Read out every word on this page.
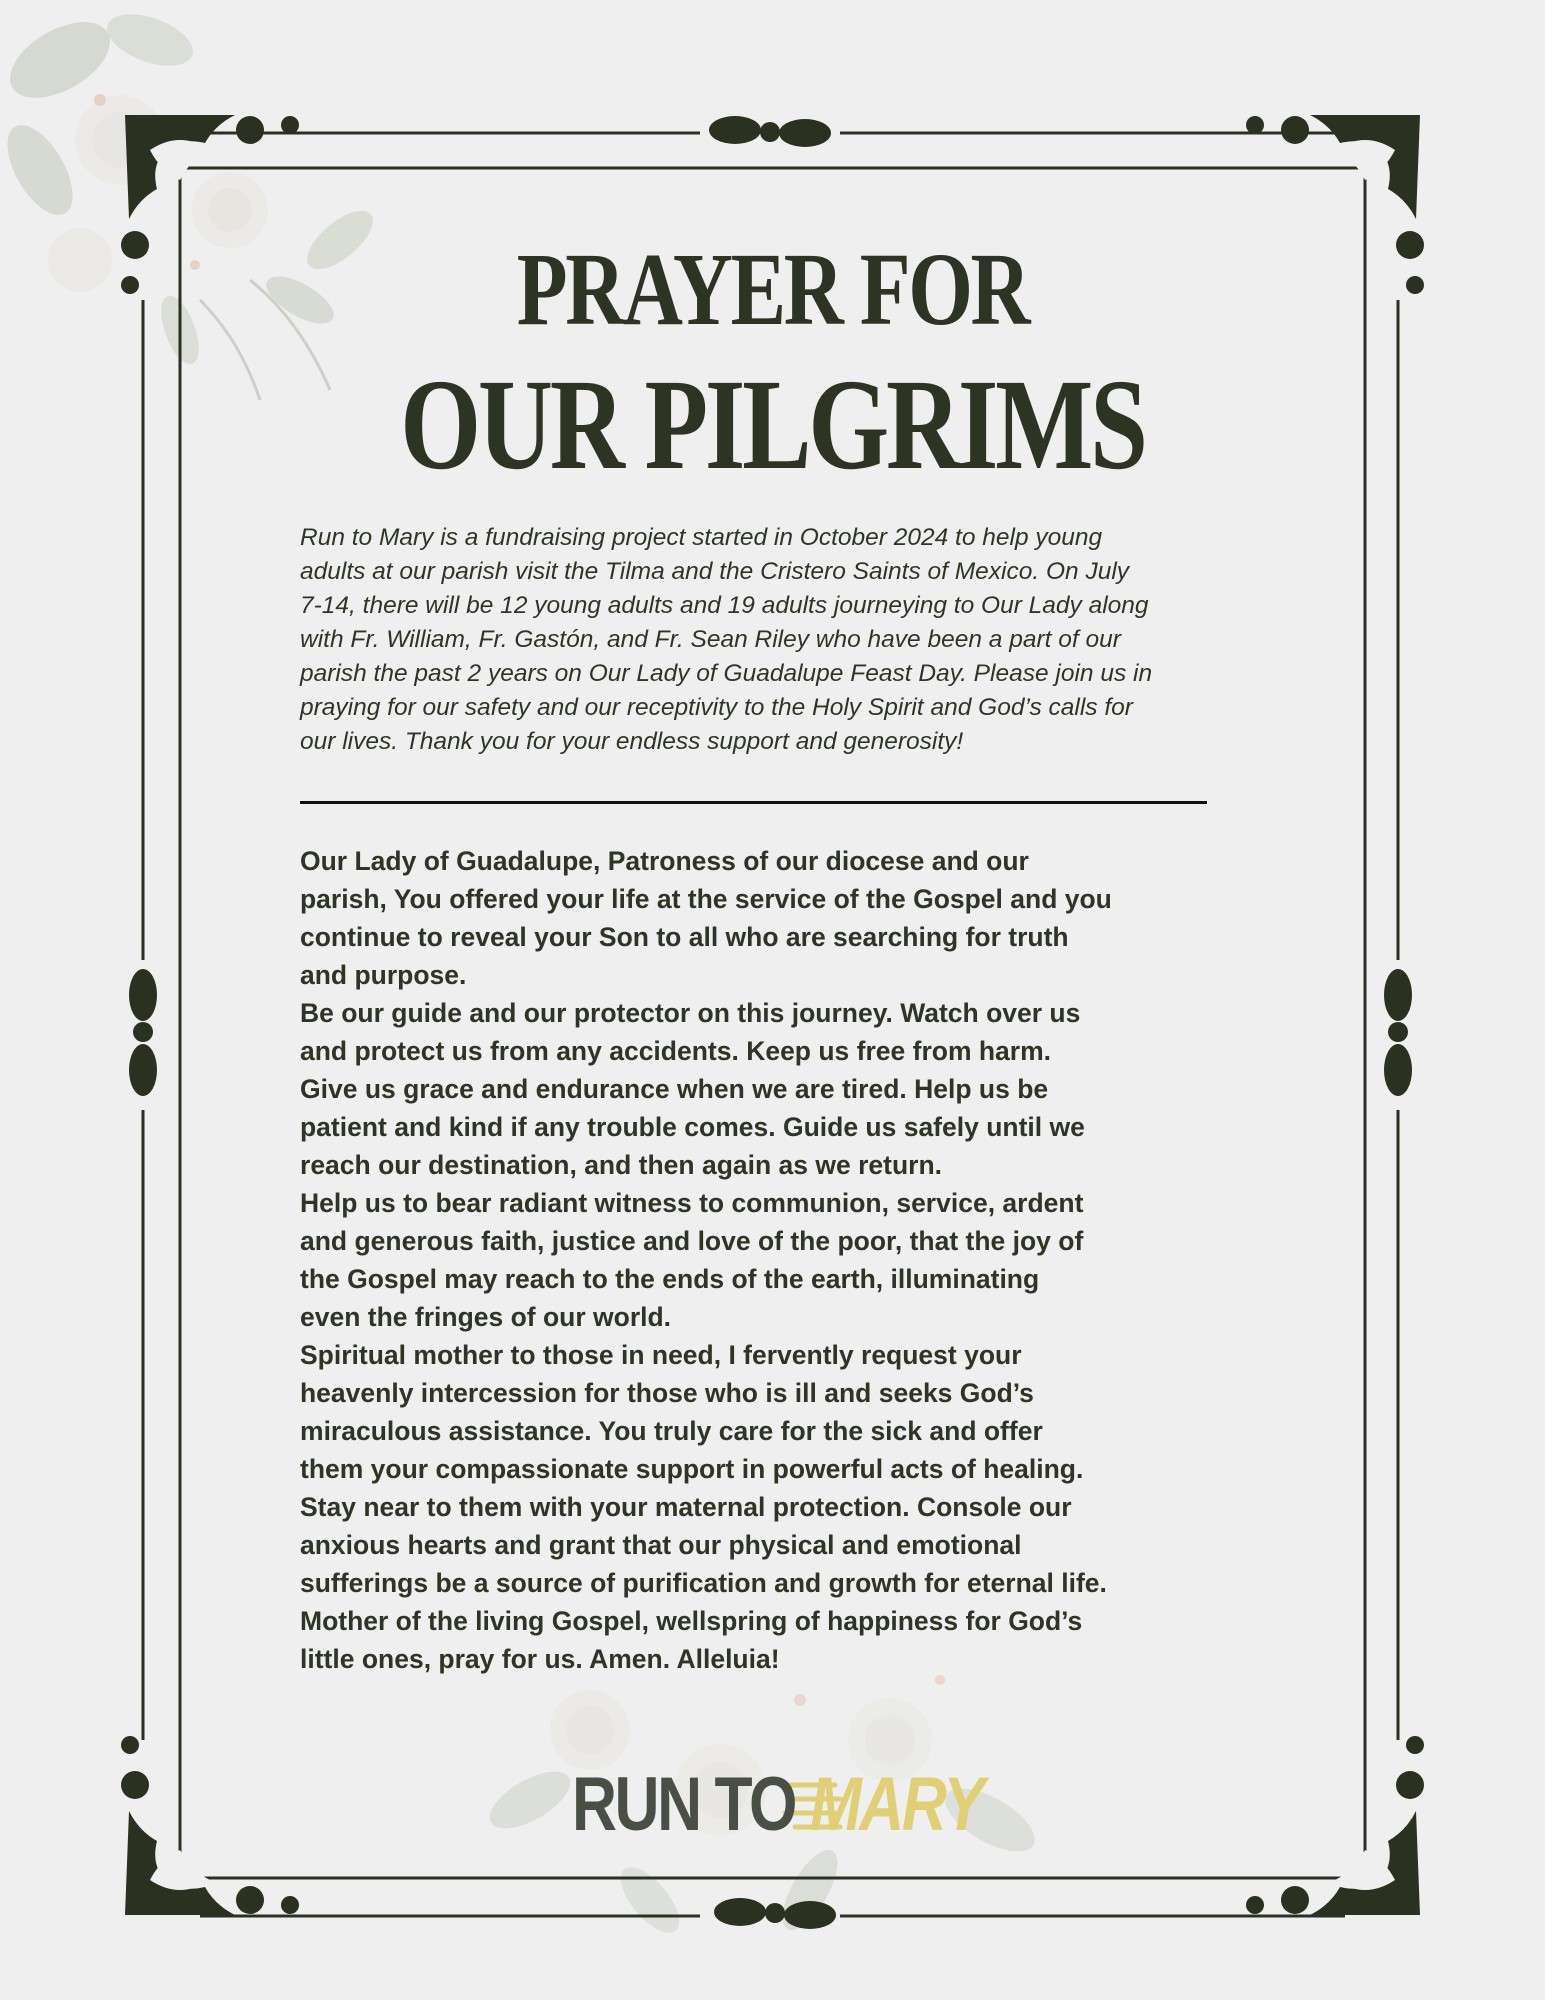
PRAYER FOR
OUR PILGRIMS
Run to Mary is a fundraising project started in October 2024 to help young
adults at our parish visit the Tilma and the Cristero Saints of Mexico. On July
7-14, there will be 12 young adults and 19 adults journeying to Our Lady along
with Fr. William, Fr. Gastón, and Fr. Sean Riley who have been a part of our
parish the past 2 years on Our Lady of Guadalupe Feast Day. Please join us in
praying for our safety and our receptivity to the Holy Spirit and God’s calls for
our lives. Thank you for your endless support and generosity!
Our Lady of Guadalupe, Patroness of our diocese and our
parish, You offered your life at the service of the Gospel and you
continue to reveal your Son to all who are searching for truth
and purpose.
Be our guide and our protector on this journey. Watch over us
and protect us from any accidents. Keep us free from harm.
Give us grace and endurance when we are tired. Help us be
patient and kind if any trouble comes. Guide us safely until we
reach our destination, and then again as we return.
Help us to bear radiant witness to communion, service, ardent
and generous faith, justice and love of the poor, that the joy of
the Gospel may reach to the ends of the earth, illuminating
even the fringes of our world.
Spiritual mother to those in need, I fervently request your
heavenly intercession for those who is ill and seeks God’s
miraculous assistance. You truly care for the sick and offer
them your compassionate support in powerful acts of healing.
Stay near to them with your maternal protection. Console our
anxious hearts and grant that our physical and emotional
sufferings be a source of purification and growth for eternal life.
Mother of the living Gospel, wellspring of happiness for God’s
little ones, pray for us. Amen. Alleluia!
RUN TO MARY
